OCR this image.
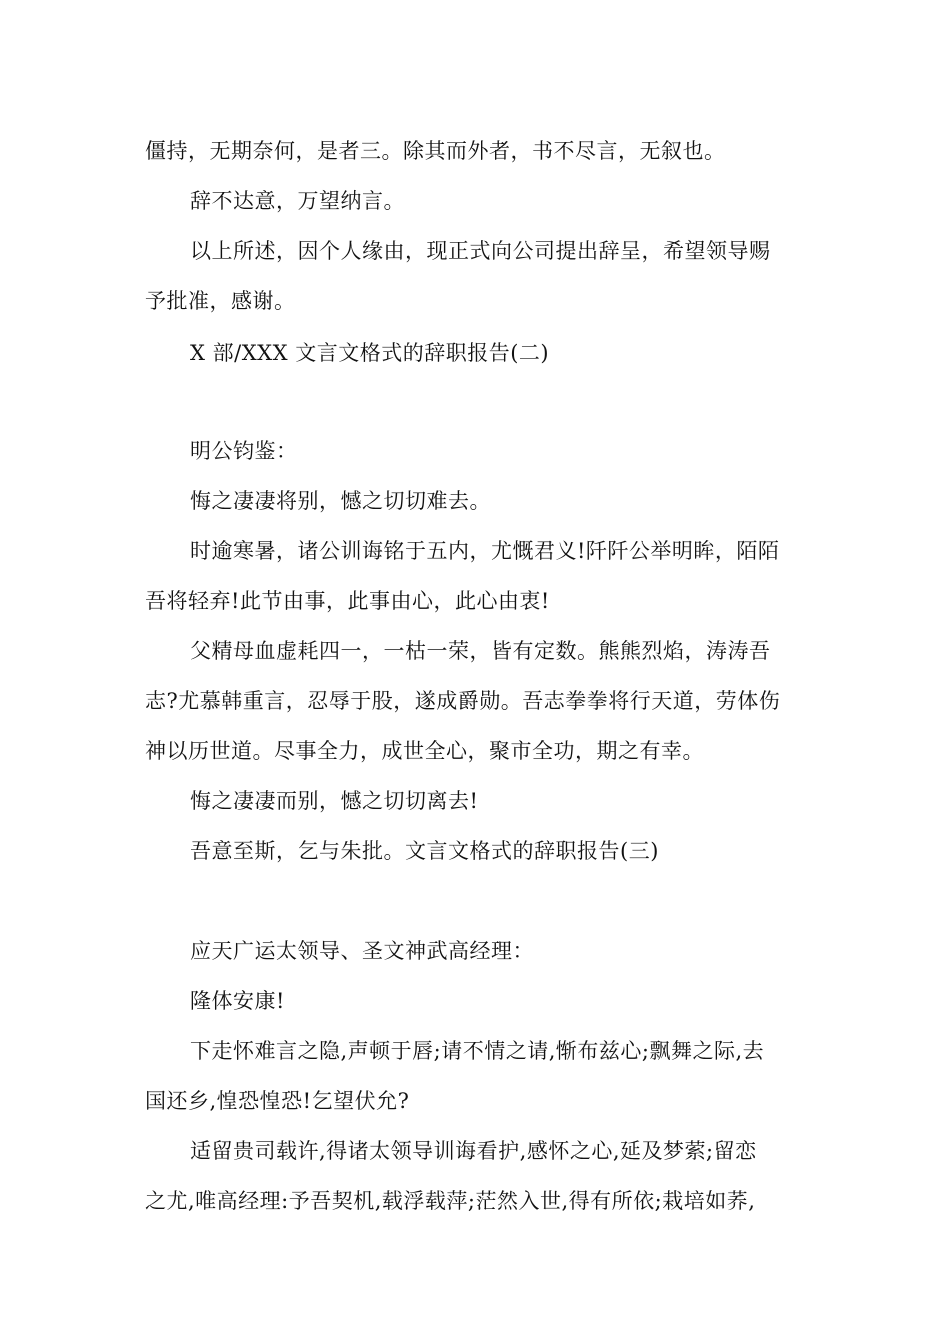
僵持，无期奈何，是者三。除其而外者，书不尽言，无叙也。
辞不达意，万望纳言。
以上所述，因个人缘由，现正式向公司提出辞呈，希望领导赐
予批准，感谢。
X 部/XXX 文言文格式的辞职报告(二)
明公钧鉴：
悔之凄凄将别，憾之切切难去。
时逾寒暑，诸公训诲铭于五内，尤慨君义!阡阡公举明眸，陌陌
吾将轻弃!此节由事，此事由心，此心由衷!
父精母血虚耗四一，一枯一荣，皆有定数。熊熊烈焰，涛涛吾
志?尤慕韩重言，忍辱于股，遂成爵勋。吾志拳拳将行天道，劳体伤
神以历世道。尽事全力，成世全心，聚市全功，期之有幸。
悔之凄凄而别，憾之切切离去!
吾意至斯，乞与朱批。文言文格式的辞职报告(三)
应天广运太领导、圣文神武高经理：
隆体安康!
下走怀难言之隐,声顿于唇;请不情之请,惭布兹心;飘舞之际,去
国还乡,惶恐惶恐!乞望伏允?
适留贵司载许,得诸太领导训诲看护,感怀之心,延及梦萦;留恋
之尤,唯高经理:予吾契机,载浮载萍;茫然入世,得有所依;栽培如荞,
